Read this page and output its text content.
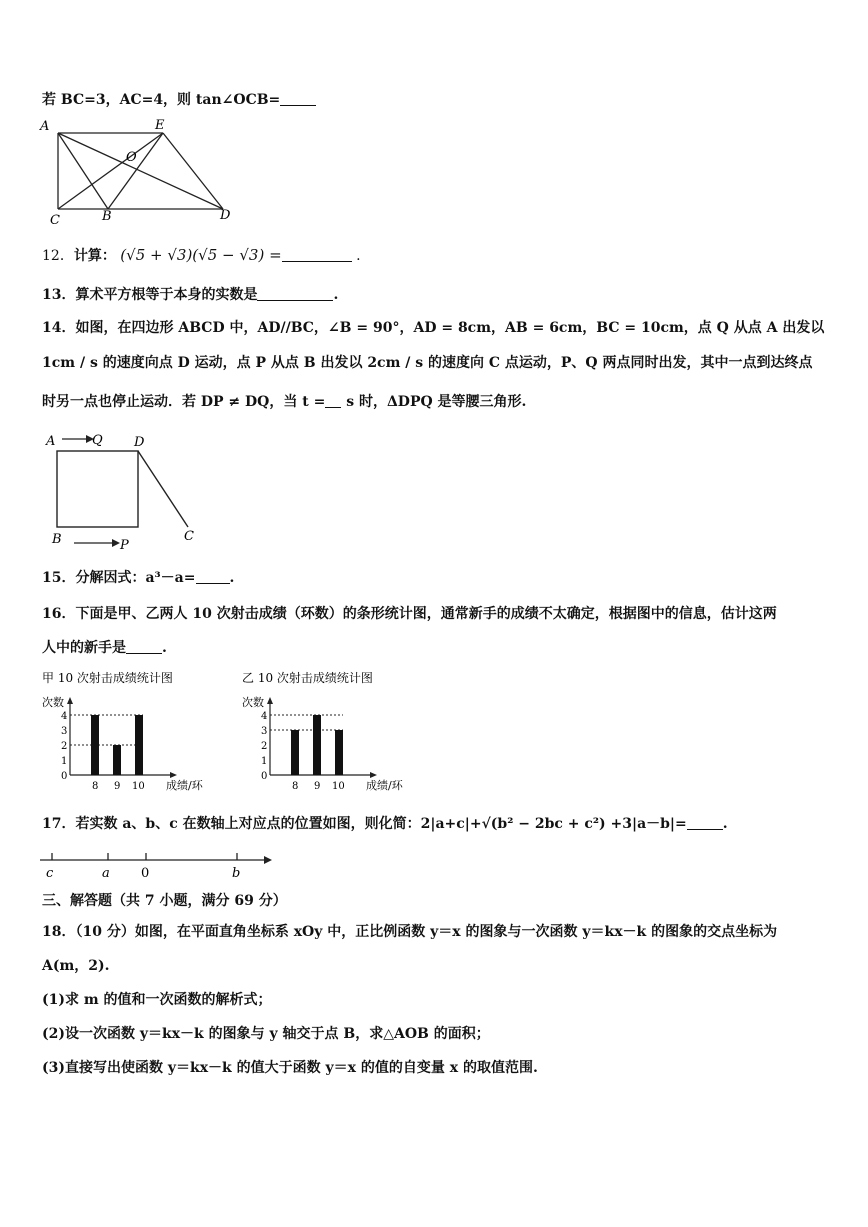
若 BC=3，AC=4，则 tan∠OCB=
A	E
O
C	B	D
12．计算： (√5 + √3)(√5 − √3) =	.
13．算术平方根等于本身的实数是	.
14．如图，在四边形 ABCD 中，AD//BC，∠B = 90°，AD = 8cm，AB = 6cm，BC = 10cm，点 Q 从点 A 出发以
1cm / s 的速度向点 D 运动，点 P 从点 B 出发以 2cm / s 的速度向 C 点运动，P、Q 两点同时出发，其中一点到达终点
时另一点也停止运动．若 DP ≠ DQ，当 t = s 时，ΔDPQ 是等腰三角形.
A	Q D
B	P
C
15．分解因式：a³－a= .
16．下面是甲、乙两人 10 次射击成绩（环数）的条形统计图，通常新手的成绩不太确定，根据图中的信息，估计这两
人中的新手是	.
甲 10 次射击成绩统计图
次数
成绩/环
0
1
2
3
4
8 9 10
乙 10 次射击成绩统计图
次数
成绩/环
0
1
2
3
4
8 9 10
17．若实数 a、b、c 在数轴上对应点的位置如图，则化简：2|a+c|+√(b² − 2bc + c²) +3|a－b|=	.
c	a 0	b
三、解答题（共 7 小题，满分 69 分）
18．（10 分）如图，在平面直角坐标系 xOy 中，正比例函数 y＝x 的图象与一次函数 y＝kx－k 的图象的交点坐标为
A(m，2).
(1)求 m 的值和一次函数的解析式；
(2)设一次函数 y＝kx－k 的图象与 y 轴交于点 B，求△AOB 的面积；
(3)直接写出使函数 y＝kx－k 的值大于函数 y＝x 的值的自变量 x 的取值范围.
